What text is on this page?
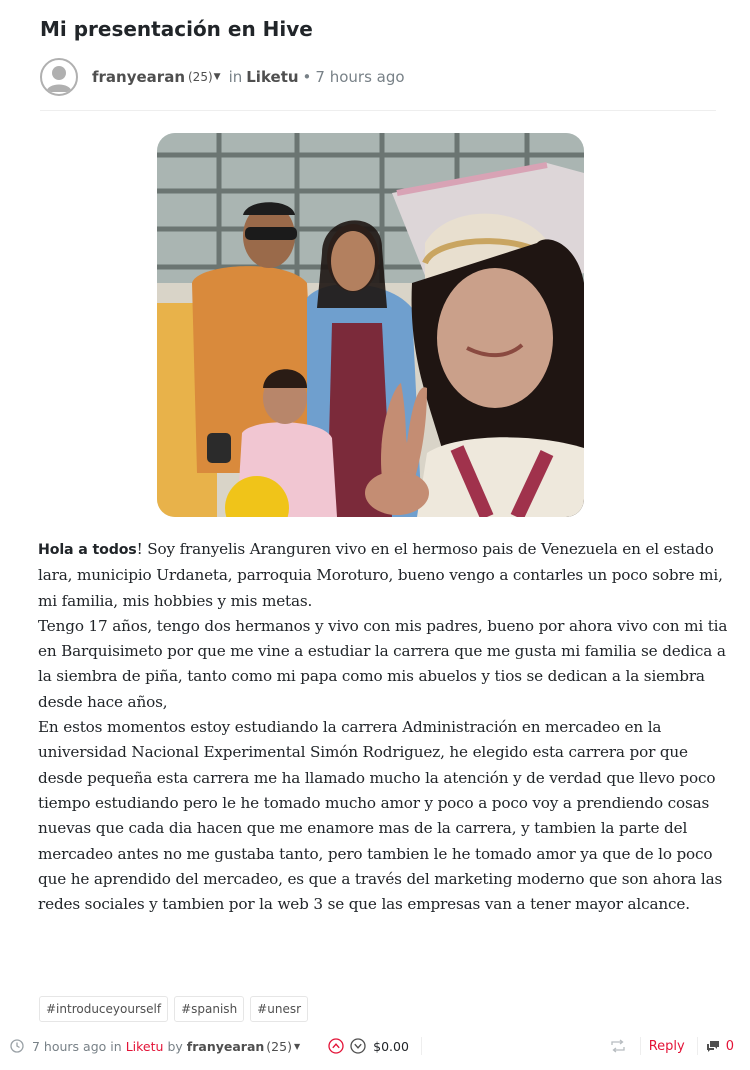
Mi presentación en Hive
franyearan (25) ▼ in Liketu • 7 hours ago

Hola a todos! Soy franyelis Aranguren vivo en el hermoso pais de Venezuela en el estado lara, municipio Urdaneta, parroquia Moroturo, bueno vengo a contarles un poco sobre mi, mi familia, mis hobbies y mis metas.

Tengo 17 años, tengo dos hermanos y vivo con mis padres, bueno por ahora vivo con mi tia en Barquisimeto por que me vine a estudiar la carrera que me gusta mi familia se dedica a la siembra de piña, tanto como mi papa como mis abuelos y tios se dedican a la siembra desde hace años,

En estos momentos estoy estudiando la carrera Administración en mercadeo en la universidad Nacional Experimental Simón Rodriguez, he elegido esta carrera por que desde pequeña esta carrera me ha llamado mucho la atención y de verdad que llevo poco tiempo estudiando pero le he tomado mucho amor y poco a poco voy a prendiendo cosas nuevas que cada dia hacen que me enamore mas de la carrera, y tambien la parte del mercadeo antes no me gustaba tanto, pero tambien le he tomado amor ya que de lo poco que he aprendido del mercadeo, es que a través del marketing moderno que son ahora las redes sociales y tambien por la web 3 se que las empresas van a tener mayor alcance.

#introduceyourself	#spanish	#unesr
7 hours ago in Liketu by franyearan (25) ▼	$0.00	Reply	0
